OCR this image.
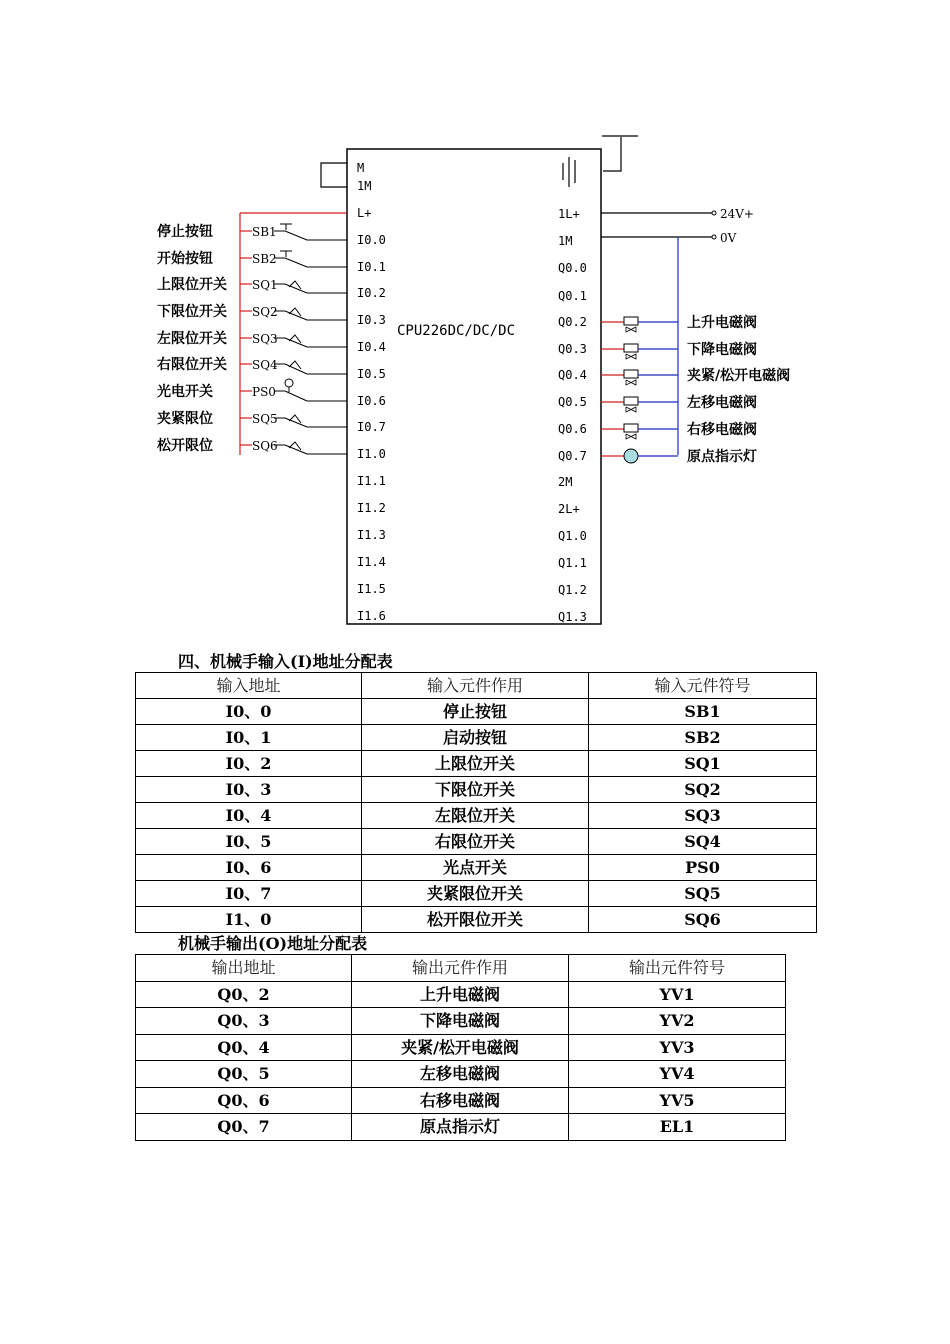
CPU226DC/DC/DC
24V+
0V
M
1M
L+
I0.0
I0.1
I0.2
I0.3
I0.4
I0.5
I0.6
I0.7
I1.0
I1.1
I1.2
I1.3
I1.4
I1.5
I1.6
1L+
1M
Q0.0
Q0.1
Q0.2
Q0.3
Q0.4
Q0.5
Q0.6
Q0.7
2M
2L+
Q1.0
Q1.1
Q1.2
Q1.3
停止按钮	SB1
开始按钮	SB2
上限位开关 SQ1
下限位开关 SQ2
左限位开关 SQ3
右限位开关 SQ4
光电开关	PS0
夹紧限位	SQ5
松开限位	SQ6
上升电磁阀
下降电磁阀
夹紧/松开电磁阀
左移电磁阀
右移电磁阀
原点指示灯
四、机械手输入(I)地址分配表
输入地址	输入元件作用	输入元件符号
I0、0	停止按钮	SB1
I0、1	启动按钮	SB2
I0、2	上限位开关	SQ1
I0、3	下限位开关	SQ2
I0、4	左限位开关	SQ3
I0、5	右限位开关	SQ4
I0、6	光点开关	PS0
I0、7	夹紧限位开关	SQ5
I1、0	松开限位开关	SQ6
机械手输出(O)地址分配表
输出地址	输出元件作用	输出元件符号
Q0、2	上升电磁阀	YV1
Q0、3	下降电磁阀	YV2
Q0、4	夹紧/松开电磁阀	YV3
Q0、5	左移电磁阀	YV4
Q0、6	右移电磁阀	YV5
Q0、7	原点指示灯	EL1
